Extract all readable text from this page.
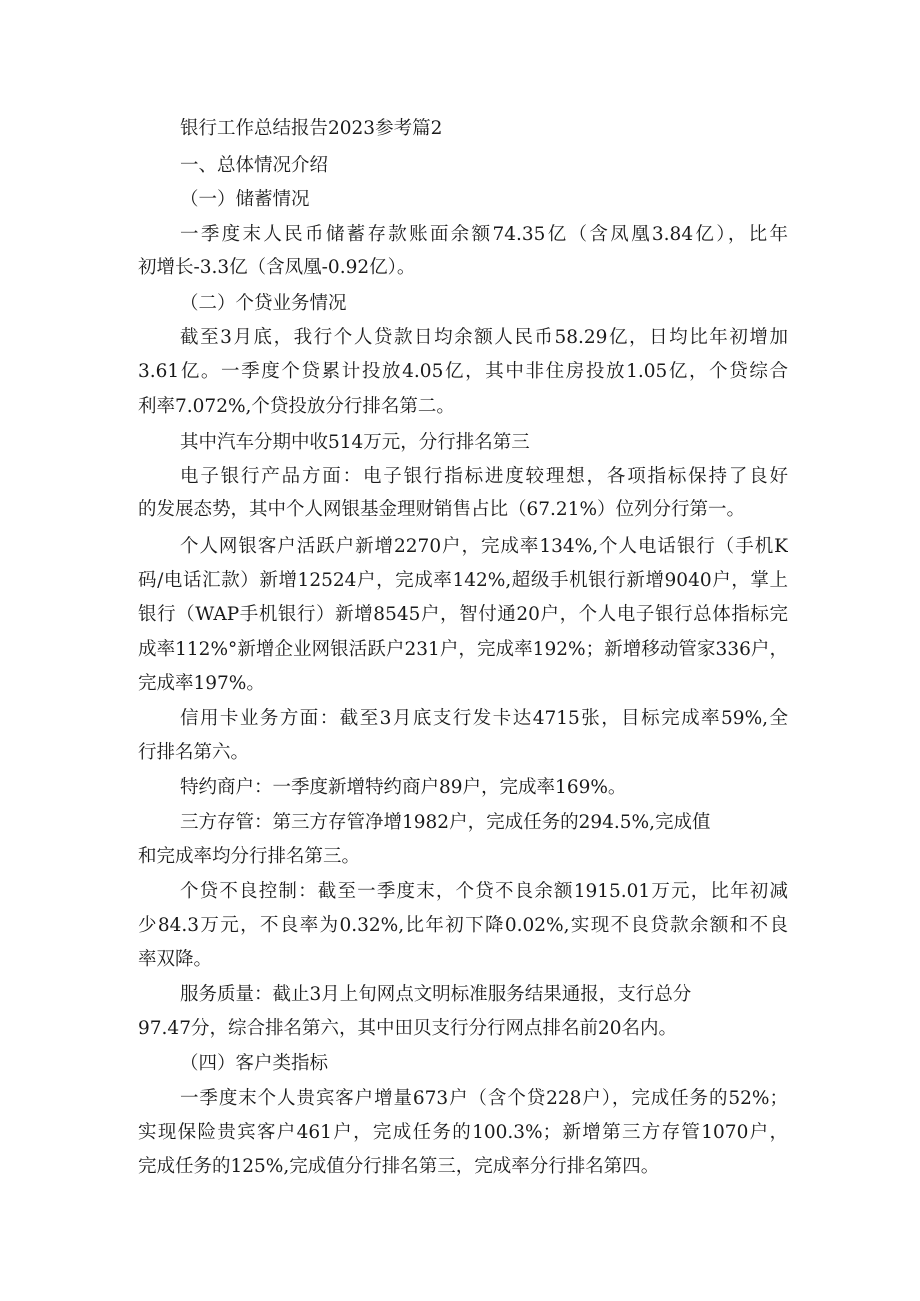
银行工作总结报告2023参考篇2
一、总体情况介绍
（一）储蓄情况
一季度末人民币储蓄存款账面余额74.35亿（含凤凰3.84亿），比年
初增长-3.3亿（含凤凰-0.92亿）。
（二）个贷业务情况
截至3月底，我行个人贷款日均余额人民币58.29亿，日均比年初增加
3.61亿。一季度个贷累计投放4.05亿，其中非住房投放1.05亿，个贷综合
利率7.072%,个贷投放分行排名第二。
其中汽车分期中收514万元，分行排名第三
电子银行产品方面：电子银行指标进度较理想，各项指标保持了良好
的发展态势，其中个人网银基金理财销售占比（67.21%）位列分行第一。
个人网银客户活跃户新增2270户，完成率134%,个人电话银行（手机K
码/电话汇款）新增12524户，完成率142%,超级手机银行新增9040户，掌上
银行（WAP手机银行）新增8545户，智付通20户，个人电子银行总体指标完
成率112%°新增企业网银活跃户231户，完成率192%；新增移动管家336户，
完成率197%。
信用卡业务方面：截至3月底支行发卡达4715张，目标完成率59%,全
行排名第六。
特约商户：一季度新增特约商户89户，完成率169%。
三方存管：第三方存管净增1982户，完成任务的294.5%,完成值
和完成率均分行排名第三。
个贷不良控制：截至一季度末，个贷不良余额1915.01万元，比年初减
少84.3万元，不良率为0.32%,比年初下降0.02%,实现不良贷款余额和不良
率双降。
服务质量：截止3月上旬网点文明标准服务结果通报，支行总分
97.47分，综合排名第六，其中田贝支行分行网点排名前20名内。
（四）客户类指标
一季度末个人贵宾客户增量673户（含个贷228户），完成任务的52%；
实现保险贵宾客户461户，完成任务的100.3%；新增第三方存管1070户，
完成任务的125%,完成值分行排名第三，完成率分行排名第四。
